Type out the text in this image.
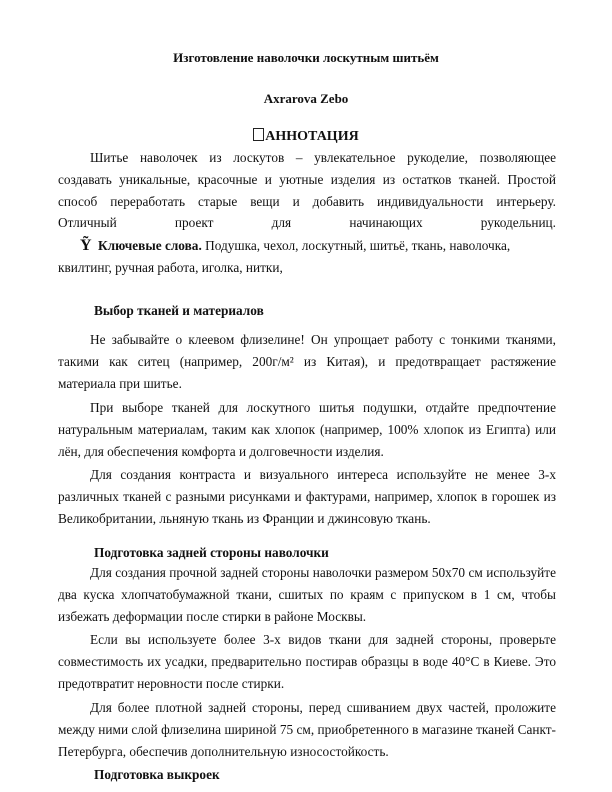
Изготовление наволочки лоскутным шитьём
Axrarova Zebo
АННОТАЦИЯ
Шитье наволочек из лоскутов – увлекательное рукоделие, позволяющее
создавать уникальные, красочные и уютные изделия из остатков тканей. Простой
способ переработать старые вещи и добавить индивидуальности интерьеру.
Отличный проект для начинающих рукодельниц.
Ỹ Ключевые слова. Подушка, чехол, лоскутный, шитьё, ткань, наволочка,
квилтинг, ручная работа, иголка, нитки,
Выбор тканей и материалов
Не забывайте о клеевом флизелине! Он упрощает работу с тонкими тканями, такими как ситец (например, 200г/м² из Китая), и предотвращает растяжение материала при шитье.
При выборе тканей для лоскутного шитья подушки, отдайте предпочтение натуральным материалам, таким как хлопок (например, 100% хлопок из Египта) или лён, для обеспечения комфорта и долговечности изделия.
Для создания контраста и визуального интереса используйте не менее 3-х различных тканей с разными рисунками и фактурами, например, хлопок в горошек из Великобритании, льняную ткань из Франции и джинсовую ткань.
Подготовка задней стороны наволочки
Для создания прочной задней стороны наволочки размером 50x70 см используйте два куска хлопчатобумажной ткани, сшитых по краям с припуском в 1 см, чтобы избежать деформации после стирки в районе Москвы.
Если вы используете более 3-х видов ткани для задней стороны, проверьте совместимость их усадки, предварительно постирав образцы в воде 40°C в Киеве. Это предотвратит неровности после стирки.
Для более плотной задней стороны, перед сшиванием двух частей, проложите между ними слой флизелина шириной 75 см, приобретенного в магазине тканей Санкт-Петербурга, обеспечив дополнительную износостойкость.
Подготовка выкроек
